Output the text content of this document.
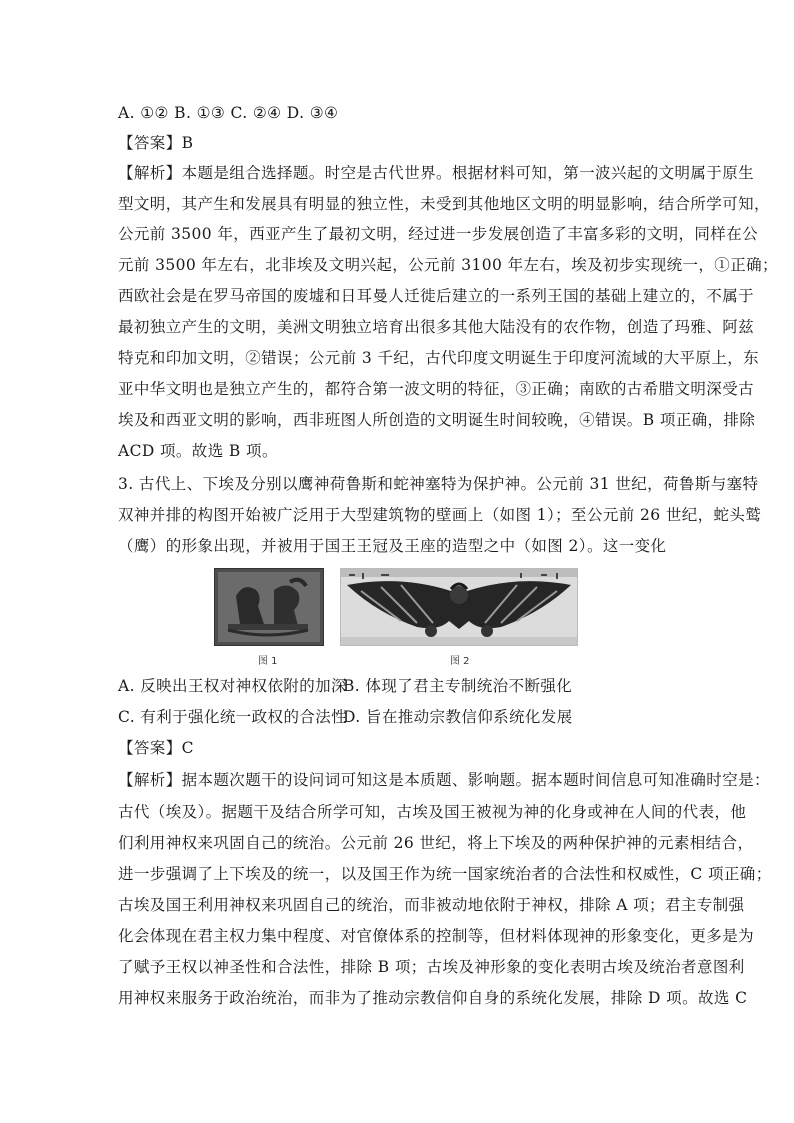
A. ①② B. ①③ C. ②④ D. ③④
【答案】B
【解析】本题是组合选择题。时空是古代世界。根据材料可知，第一波兴起的文明属于原生
型文明，其产生和发展具有明显的独立性，未受到其他地区文明的明显影响，结合所学可知，
公元前 3500 年，西亚产生了最初文明，经过进一步发展创造了丰富多彩的文明，同样在公
元前 3500 年左右，北非埃及文明兴起，公元前 3100 年左右，埃及初步实现统一，①正确；
西欧社会是在罗马帝国的废墟和日耳曼人迁徙后建立的一系列王国的基础上建立的，不属于
最初独立产生的文明，美洲文明独立培育出很多其他大陆没有的农作物，创造了玛雅、阿兹
特克和印加文明，②错误；公元前 3 千纪，古代印度文明诞生于印度河流域的大平原上，东
亚中华文明也是独立产生的，都符合第一波文明的特征，③正确；南欧的古希腊文明深受古
埃及和西亚文明的影响，西非班图人所创造的文明诞生时间较晚，④错误。B 项正确，排除
ACD 项。故选 B 项。
3. 古代上、下埃及分别以鹰神荷鲁斯和蛇神塞特为保护神。公元前 31 世纪，荷鲁斯与塞特
双神并排的构图开始被广泛用于大型建筑物的壁画上（如图 1）；至公元前 26 世纪，蛇头鹫
（鹰）的形象出现，并被用于国王王冠及王座的造型之中（如图 2）。这一变化
图 1	图 2
A. 反映出王权对神权依附的加深
B. 体现了君主专制统治不断强化
C. 有利于强化统一政权的合法性
D. 旨在推动宗教信仰系统化发展
【答案】C
【解析】据本题次题干的设问词可知这是本质题、影响题。据本题时间信息可知准确时空是：
古代（埃及）。据题干及结合所学可知，古埃及国王被视为神的化身或神在人间的代表，他
们利用神权来巩固自己的统治。公元前 26 世纪，将上下埃及的两种保护神的元素相结合，
进一步强调了上下埃及的统一，以及国王作为统一国家统治者的合法性和权威性，C 项正确；
古埃及国王利用神权来巩固自己的统治，而非被动地依附于神权，排除 A 项；君主专制强
化会体现在君主权力集中程度、对官僚体系的控制等，但材料体现神的形象变化，更多是为
了赋予王权以神圣性和合法性，排除 B 项；古埃及神形象的变化表明古埃及统治者意图利
用神权来服务于政治统治，而非为了推动宗教信仰自身的系统化发展，排除 D 项。故选 C
